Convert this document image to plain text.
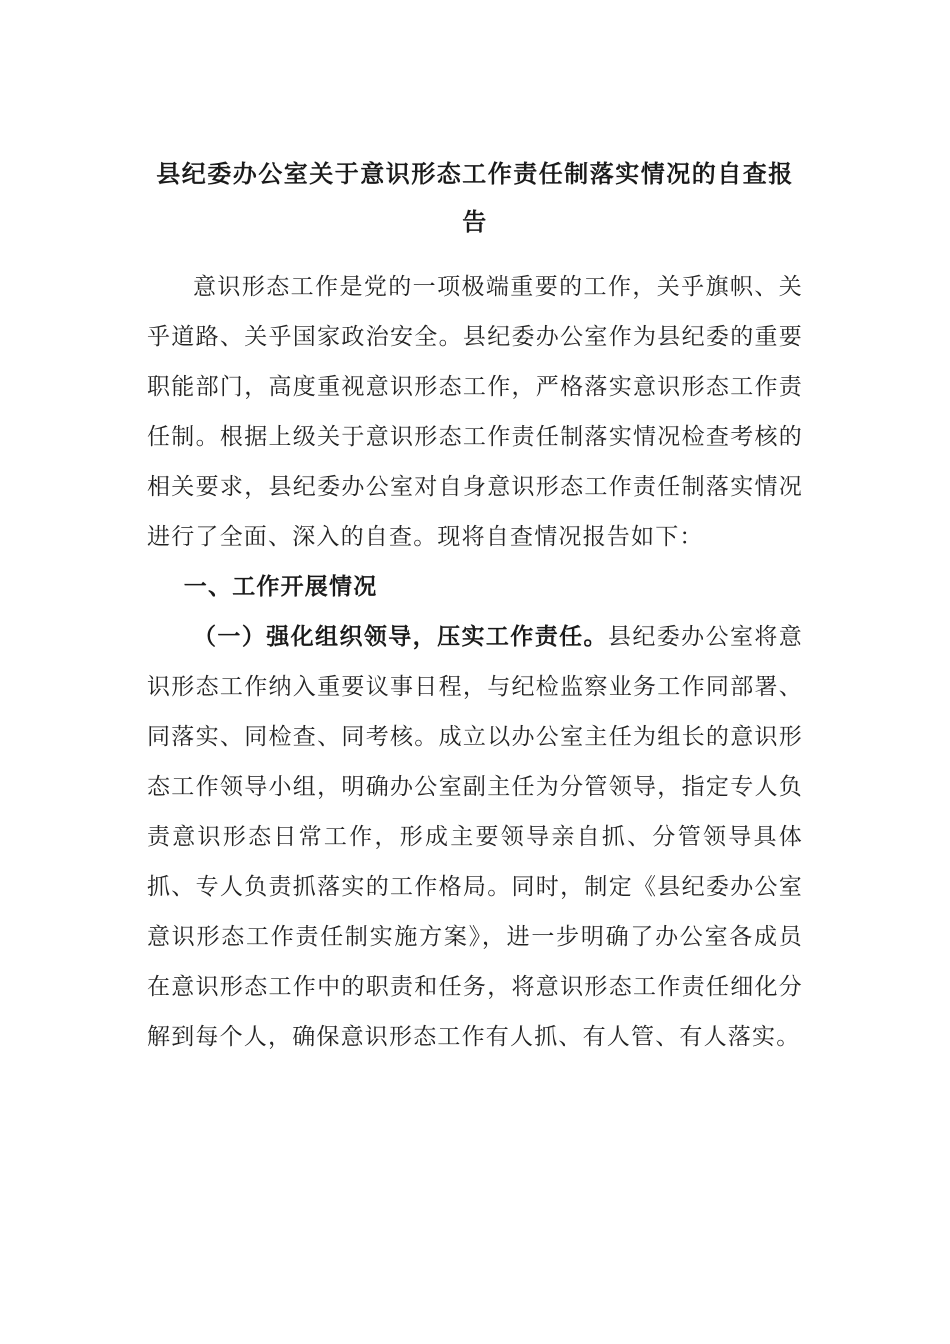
县纪委办公室关于意识形态工作责任制落实情况的自查报
告

意识形态工作是党的一项极端重要的工作，关乎旗帜、关乎道路、关乎国家政治安全。县纪委办公室作为县纪委的重要职能部门，高度重视意识形态工作，严格落实意识形态工作责任制。根据上级关于意识形态工作责任制落实情况检查考核的相关要求，县纪委办公室对自身意识形态工作责任制落实情况进行了全面、深入的自查。现将自查情况报告如下：

一、工作开展情况

（一）强化组织领导，压实工作责任。县纪委办公室将意识形态工作纳入重要议事日程，与纪检监察业务工作同部署、同落实、同检查、同考核。成立以办公室主任为组长的意识形态工作领导小组，明确办公室副主任为分管领导，指定专人负责意识形态日常工作，形成主要领导亲自抓、分管领导具体抓、专人负责抓落实的工作格局。同时，制定《县纪委办公室意识形态工作责任制实施方案》，进一步明确了办公室各成员在意识形态工作中的职责和任务，将意识形态工作责任细化分解到每个人，确保意识形态工作有人抓、有人管、有人落实。
